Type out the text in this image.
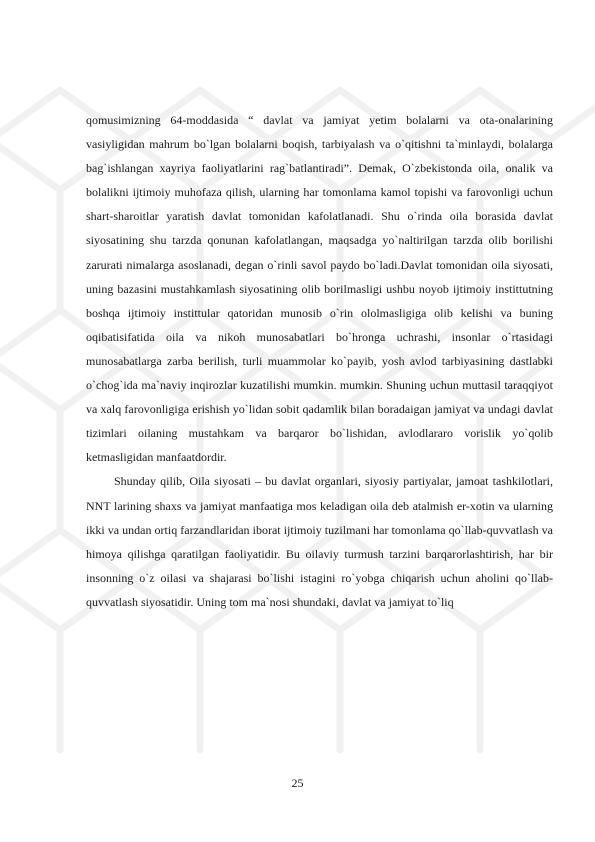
qomusimizning 64-moddasida “ davlat va jamiyat yetim bolalarni va ota-onalarining vasiyligidan mahrum bo`lgan bolalarni boqish, tarbiyalash va o`qitishni ta`minlaydi, bolalarga bag`ishlangan xayriya faoliyatlarini rag`batlantiradi”. Demak, O`zbekistonda oila, onalik va bolalikni ijtimoiy muhofaza qilish, ularning har tomonlama kamol topishi va farovonligi uchun shart-sharoitlar yaratish davlat tomonidan kafolatlanadi. Shu o`rinda oila borasida davlat siyosatining shu tarzda qonunan kafolatlangan, maqsadga yo`naltirilgan tarzda olib borilishi zarurati nimalarga asoslanadi, degan o`rinli savol paydo bo`ladi.Davlat tomonidan oila siyosati, uning bazasini mustahkamlash siyosatining olib borilmasligi ushbu noyob ijtimoiy instittutning boshqa ijtimoiy instittular qatoridan munosib o`rin ololmasligiga olib kelishi va buning oqibatisifatida oila va nikoh munosabatlari bo`hronga uchrashi, insonlar o`rtasidagi munosabatlarga zarba berilish, turli muammolar ko`payib, yosh avlod tarbiyasining dastlabki o`chog`ida ma`naviy inqirozlar kuzatilishi mumkin. mumkin. Shuning uchun muttasil taraqqiyot va xalq farovonligiga erishish yo`lidan sobit qadamlik bilan boradaigan jamiyat va undagi davlat tizimlari oilaning mustahkam va barqaror bo`lishidan, avlodlararo vorislik yo`qolib ketmasligidan manfaatdordir.

Shunday qilib, Oila siyosati – bu davlat organlari, siyosiy partiyalar, jamoat tashkilotlari, NNT larining shaxs va jamiyat manfaatiga mos keladigan oila deb atalmish er-xotin va ularning ikki va undan ortiq farzandlaridan iborat ijtimoiy tuzilmani har tomonlama qo`llab-quvvatlash va himoya qilishga qaratilgan faoliyatidir. Bu oilaviy turmush tarzini barqarorlashtirish, har bir insonning o`z oilasi va shajarasi bo`lishi istagini ro`yobga chiqarish uchun aholini qo`llab-quvvatlash siyosatidir. Uning tom ma`nosi shundaki, davlat va jamiyat to`liq

25
